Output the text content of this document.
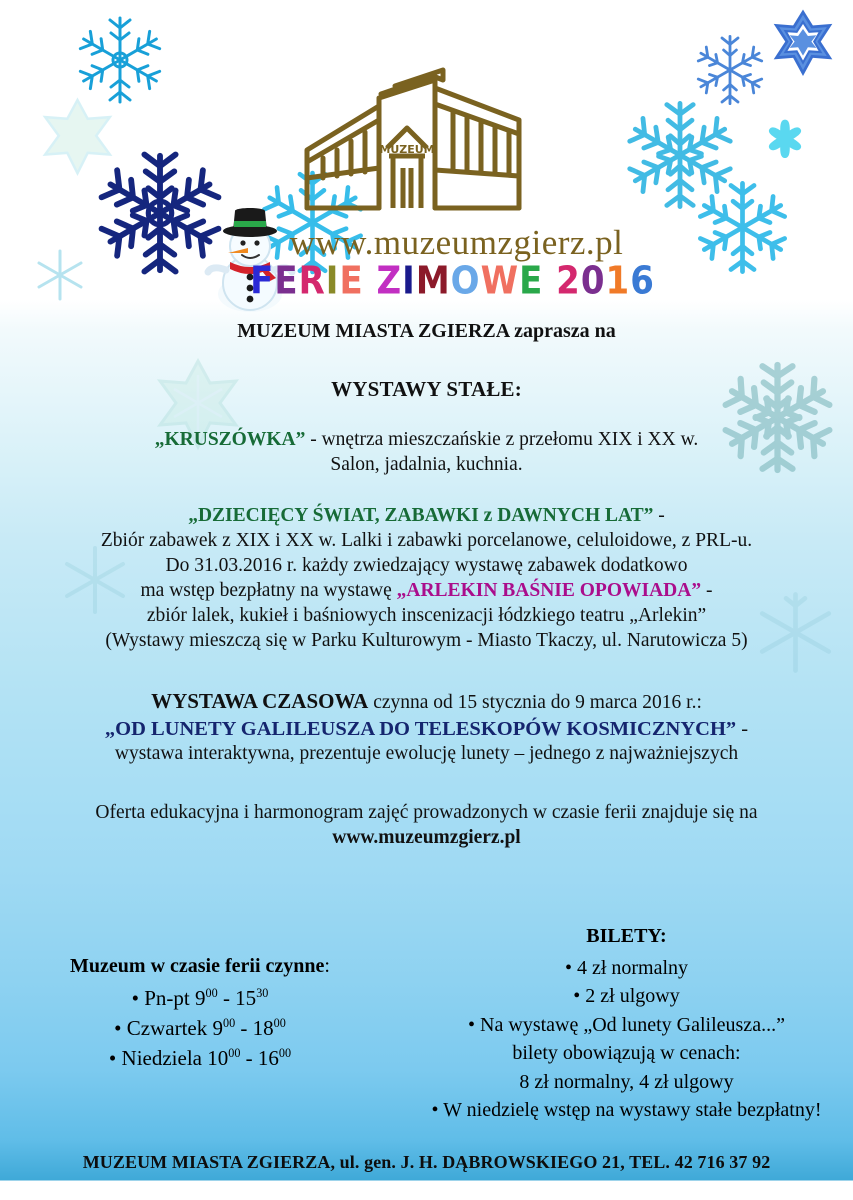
MUZEUM
www.muzeumzgierz.pl
FERIE ZIMOWE 2016
MUZEUM MIASTA ZGIERZA zaprasza na
WYSTAWY STAŁE:
„KRUSZÓWKA” - wnętrza mieszczańskie z przełomu XIX i XX w.
Salon, jadalnia, kuchnia.
„DZIECIĘCY ŚWIAT, ZABAWKI z DAWNYCH LAT” -
Zbiór zabawek z XIX i XX w. Lalki i zabawki porcelanowe, celuloidowe, z PRL-u.
Do 31.03.2016 r. każdy zwiedzający wystawę zabawek dodatkowo
ma wstęp bezpłatny na wystawę „ARLEKIN BAŚNIE OPOWIADA” -
zbiór lalek, kukieł i baśniowych inscenizacji łódzkiego teatru „Arlekin”
(Wystawy mieszczą się w Parku Kulturowym - Miasto Tkaczy, ul. Narutowicza 5)
WYSTAWA CZASOWA czynna od 15 stycznia do 9 marca 2016 r.:
„OD LUNETY GALILEUSZA DO TELESKOPÓW KOSMICZNYCH” -
wystawa interaktywna, prezentuje ewolucję lunety – jednego z najważniejszych
Oferta edukacyjna i harmonogram zajęć prowadzonych w czasie ferii znajduje się na
www.muzeumzgierz.pl
Muzeum w czasie ferii czynne:
• Pn-pt $9^{00} - 15^{30}$
• Czwartek $9^{00} - 18^{00}$
• Niedziela $10^{00} - 16^{00}$
BILETY:
• 4 zł normalny
• 2 zł ulgowy
• Na wystawę „Od lunety Galileusza...”
bilety obowiązują w cenach:
8 zł normalny, 4 zł ulgowy
• W niedzielę wstęp na wystawy stałe bezpłatny!
MUZEUM MIASTA ZGIERZA, ul. gen. J. H. DĄBROWSKIEGO 21, TEL. 42 716 37 92
